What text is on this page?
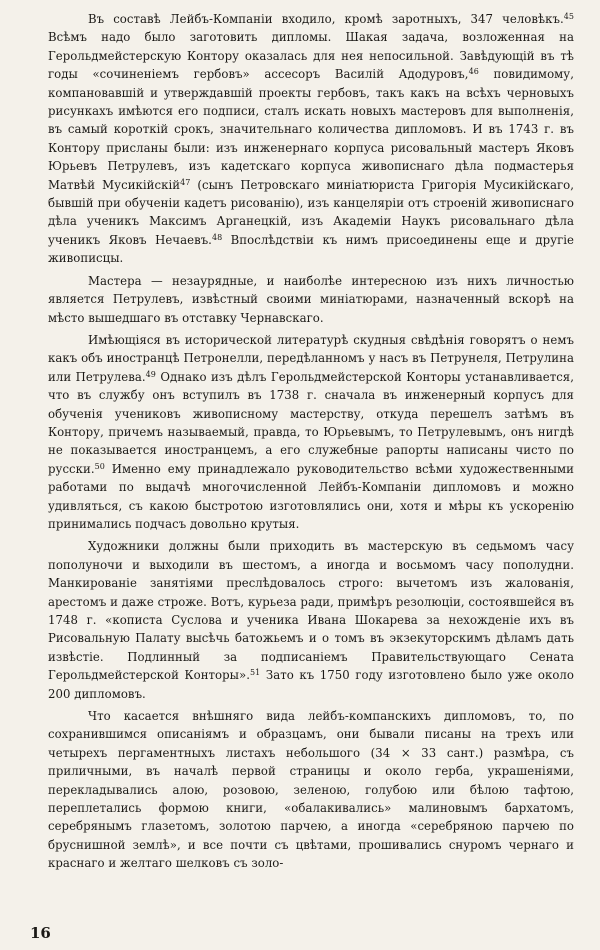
Въ составѣ Лейбъ-Компаніи входило, кромѣ заротныхъ, 347 человѣкъ.$^{45}$ Всѣмъ надо было заготовить дипломы. Шакая задача, возложенная на Герольдмейстерскую Контору оказалась для нея непосильной. Завѣдующій въ тѣ годы «сочиненіемъ гербовъ» ассесоръ Василій Адодуровъ,$^{46}$ повидимому, компановавшій и утверждавшій проекты гербовъ, такъ какъ на всѣхъ черновыхъ рисункахъ имѣются его подписи, сталъ искать новыхъ мастеровъ для выполненія, въ самый короткій срокъ, значительнаго количества дипломовъ. И въ 1743 г. въ Контору присланы были: изъ инженернаго корпуса рисовальный мастеръ Яковъ Юрьевъ Петрулевъ, изъ кадетскаго корпуса живописнаго дѣла подмастерья Матвѣй Мусикійскій$^{47}$ (сынъ Петровскаго миніатюриста Григорія Мусикійскаго, бывшій при обученіи кадетъ рисованію), изъ канцеляріи отъ строеній живописнаго дѣла ученикъ Максимъ Арганецкій, изъ Академіи Наукъ рисовальнаго дѣла ученикъ Яковъ Нечаевъ.$^{48}$ Впослѣдствіи къ нимъ присоединены еще и другіе живописцы.

Мастера — незаурядные, и наиболѣе интересною изъ нихъ личностью является Петрулевъ, извѣстный своими миніатюрами, назначенный вскорѣ на мѣсто вышедшаго въ отставку Чернавскаго.

Имѣющіяся въ исторической литературѣ скудныя свѣдѣнія говорятъ о немъ какъ объ иностранцѣ Петронелли, передѣланномъ у насъ въ Петрунеля, Петрулина или Петрулева.$^{49}$ Однако изъ дѣлъ Герольдмейстерской Конторы устанавливается, что въ службу онъ вступилъ въ 1738 г. сначала въ инженерный корпусъ для обученія учениковъ живописному мастерству, откуда перешелъ затѣмъ въ Контору, причемъ называемый, правда, то Юрьевымъ, то Петрулевымъ, онъ нигдѣ не показывается иностранцемъ, а его служебные рапорты написаны чисто по русски.$^{50}$ Именно ему принадлежало руководительство всѣми художественными работами по выдачѣ многочисленной Лейбъ-Компаніи дипломовъ и можно удивляться, съ какою быстротою изготовлялись они, хотя и мѣры къ ускоренію принимались подчасъ довольно крутыя.

Художники должны были приходить въ мастерскую въ седьмомъ часу пополуночи и выходили въ шестомъ, а иногда и восьмомъ часу пополудни. Манкированіе занятіями преслѣдовалось строго: вычетомъ изъ жалованія, арестомъ и даже строже. Вотъ, курьеза ради, примѣръ резолюціи, состоявшейся въ 1748 г. «кописта Суслова и ученика Ивана Шокарева за нехожденіе ихъ въ Рисовальную Палату высѣчь батожьемъ и о томъ въ экзекуторскимъ дѣламъ дать извѣстіе. Подлинный за подписаніемъ Правительствующаго Сената Герольдмейстерской Конторы».$^{51}$ Зато къ 1750 году изготовлено было уже около 200 дипломовъ.

Что касается внѣшняго вида лейбъ-компанскихъ дипломовъ, то, по сохранившимся описаніямъ и образцамъ, они бывали писаны на трехъ или четырехъ пергаментныхъ листахъ небольшого (34 × 33 сант.) размѣра, съ приличными, въ началѣ первой страницы и около герба, украшеніями, перекладывались алою, розовою, зеленою, голубою или бѣлою тафтою, переплетались формою книги, «обалакивались» малиновымъ бархатомъ, серебрянымъ глазетомъ, золотою парчею, а иногда «серебряною парчею по бруснишной землѣ», и все почти съ цвѣтами, прошивались снуромъ чернаго и краснаго и желтаго шелковъ съ золо-

16
